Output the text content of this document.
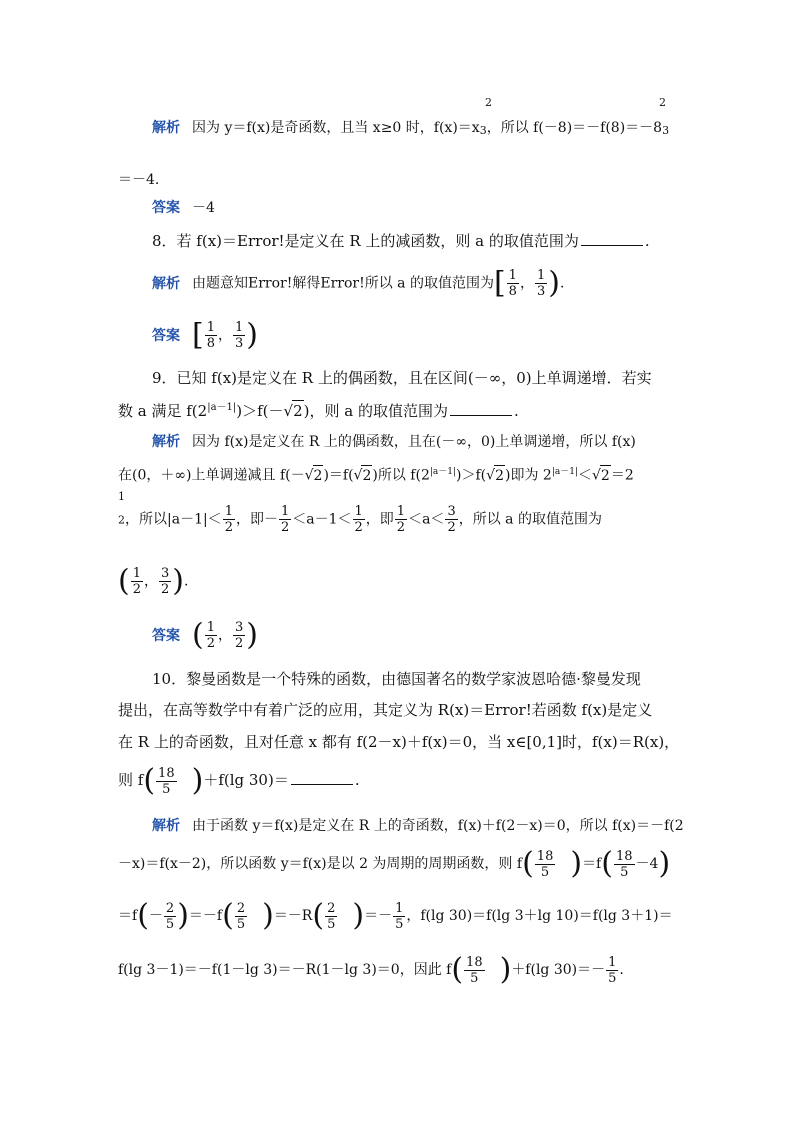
2	2
解析 因为 y＝f(x)是奇函数，且当 x≥0 时，f(x)＝x3，所以 f(－8)＝－f(8)＝－83
＝－4.
答案 －4
8．若 f(x)＝Error!是定义在 R 上的减函数，则 a 的取值范围为	.
解析 由题意知Error!解得Error!所以 a 的取值范围为[ $\frac{1}{8}$ ， $\frac{1}{3}$ ).
答案 [ $\frac{1}{8}$ ， $\frac{1}{3}$ )
9．已知 f(x)是定义在 R 上的偶函数，且在区间(－∞，0)上单调递增．若实
数 a 满足 $f(2^{|a-1|})>f(-√2)$，则 a 的取值范围为	.
解析 因为 f(x)是定义在 R 上的偶函数，且在(－∞，0)上单调递增，所以 f(x)
在(0，＋∞)上单调递减且 f(－√2)＝f(√2)所以 $f(2^{|a-1|})>f(√2)$即为 $2^{|a-1|}<√2=2$
1
2，所以$|a-1|< \frac{1}{2}$ ，即－ $\frac{1}{2} <a-1< \frac{1}{2}$ ，即 $\frac{1}{2} <a< \frac{3}{2}$ ，所以 a 的取值范围为
( $\frac{1}{2}$ ， $\frac{3}{2}$ ).
答案 ( $\frac{1}{2}$ ， $\frac{3}{2}$ )
10．黎曼函数是一个特殊的函数，由德国著名的数学家波恩哈德·黎曼发现
提出，在高等数学中有着广泛的应用，其定义为 R(x)＝Error!若函数 f(x)是定义
在 R 上的奇函数，且对任意 x 都有 f(2－x)＋f(x)＝0，当 x∈[0,1]时，f(x)＝R(x)，
则 $f( \frac{18}{5} )+f(\lg$ 30)＝	.
解析 由于函数 y＝f(x)是定义在 R 上的奇函数，f(x)＋f(2－x)＝0，所以 f(x)＝－f(2
－x)＝f(x－2)，所以函数 y＝f(x)是以 2 为周期的周期函数，则 $f( \frac{18}{5} )=f( \frac{18}{5} -4)$
$=f(- \frac{2}{5} )=-f( \frac{2}{5} )=-R( \frac{2}{5}$ )＝－ $\frac{1}{5}$ ，f(lg 30)＝f(lg 3＋lg 10)＝f(lg 3＋1)＝
f(lg 3－1)＝－f(1－lg 3)＝－R(1－lg 3)＝0，因此 $f( \frac{18}{5} )+f(\lg$ $30)=- \frac{1}{5}$ .
